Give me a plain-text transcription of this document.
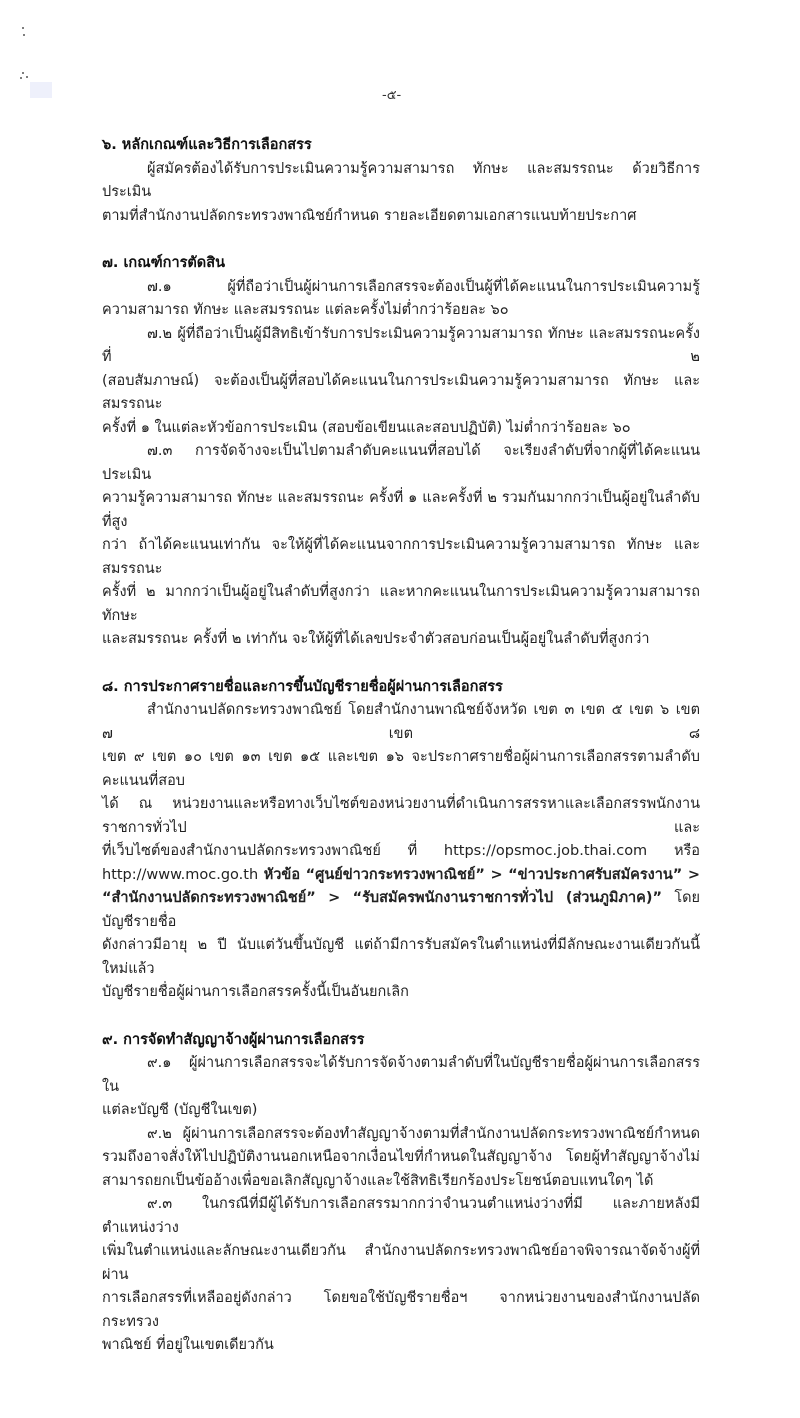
-๕-
๖. หลักเกณฑ์และวิธีการเลือกสรร
ผู้สมัครต้องได้รับการประเมินความรู้ความสามารถ ทักษะ และสมรรถนะ ด้วยวิธีการประเมิน
ตามที่สำนักงานปลัดกระทรวงพาณิชย์กำหนด รายละเอียดตามเอกสารแนบท้ายประกาศ
๗. เกณฑ์การตัดสิน
๗.๑ ผู้ที่ถือว่าเป็นผู้ผ่านการเลือกสรรจะต้องเป็นผู้ที่ได้คะแนนในการประเมินความรู้
ความสามารถ ทักษะ และสมรรถนะ แต่ละครั้งไม่ต่ำกว่าร้อยละ ๖๐
๗.๒ ผู้ที่ถือว่าเป็นผู้มีสิทธิเข้ารับการประเมินความรู้ความสามารถ ทักษะ และสมรรถนะครั้งที่ ๒
(สอบสัมภาษณ์) จะต้องเป็นผู้ที่สอบได้คะแนนในการประเมินความรู้ความสามารถ ทักษะ และสมรรถนะ
ครั้งที่ ๑ ในแต่ละหัวข้อการประเมิน (สอบข้อเขียนและสอบปฏิบัติ) ไม่ต่ำกว่าร้อยละ ๖๐
๗.๓ การจัดจ้างจะเป็นไปตามลำดับคะแนนที่สอบได้ จะเรียงลำดับที่จากผู้ที่ได้คะแนนประเมิน
ความรู้ความสามารถ ทักษะ และสมรรถนะ ครั้งที่ ๑ และครั้งที่ ๒ รวมกันมากกว่าเป็นผู้อยู่ในลำดับที่สูง
กว่า ถ้าได้คะแนนเท่ากัน จะให้ผู้ที่ได้คะแนนจากการประเมินความรู้ความสามารถ ทักษะ และสมรรถนะ
ครั้งที่ ๒ มากกว่าเป็นผู้อยู่ในลำดับที่สูงกว่า และหากคะแนนในการประเมินความรู้ความสามารถ ทักษะ
และสมรรถนะ ครั้งที่ ๒ เท่ากัน จะให้ผู้ที่ได้เลขประจำตัวสอบก่อนเป็นผู้อยู่ในลำดับที่สูงกว่า
๘. การประกาศรายชื่อและการขึ้นบัญชีรายชื่อผู้ผ่านการเลือกสรร
สำนักงานปลัดกระทรวงพาณิชย์ โดยสำนักงานพาณิชย์จังหวัด เขต ๓ เขต ๕ เขต ๖ เขต ๗ เขต ๘
เขต ๙ เขต ๑๐ เขต ๑๓ เขต ๑๕ และเขต ๑๖ จะประกาศรายชื่อผู้ผ่านการเลือกสรรตามลำดับคะแนนที่สอบ
ได้ ณ หน่วยงานและหรือทางเว็บไซต์ของหน่วยงานที่ดำเนินการสรรหาและเลือกสรรพนักงานราชการทั่วไป และ
ที่เว็บไซต์ของสำนักงานปลัดกระทรวงพาณิชย์ ที่ https://opsmoc.job.thai.com หรือ
http://www.moc.go.th หัวข้อ “ศูนย์ข่าวกระทรวงพาณิชย์” > “ข่าวประกาศรับสมัครงาน” >
“สำนักงานปลัดกระทรวงพาณิชย์” > “รับสมัครพนักงานราชการทั่วไป (ส่วนภูมิภาค)” โดยบัญชีรายชื่อ
ดังกล่าวมีอายุ ๒ ปี นับแต่วันขึ้นบัญชี แต่ถ้ามีการรับสมัครในตำแหน่งที่มีลักษณะงานเดียวกันนี้ใหม่แล้ว
บัญชีรายชื่อผู้ผ่านการเลือกสรรครั้งนี้เป็นอันยกเลิก
๙. การจัดทำสัญญาจ้างผู้ผ่านการเลือกสรร
๙.๑ ผู้ผ่านการเลือกสรรจะได้รับการจัดจ้างตามลำดับที่ในบัญชีรายชื่อผู้ผ่านการเลือกสรรใน
แต่ละบัญชี (บัญชีในเขต)
๙.๒ ผู้ผ่านการเลือกสรรจะต้องทำสัญญาจ้างตามที่สำนักงานปลัดกระทรวงพาณิชย์กำหนด
รวมถึงอาจสั่งให้ไปปฏิบัติงานนอกเหนือจากเงื่อนไขที่กำหนดในสัญญาจ้าง โดยผู้ทำสัญญาจ้างไม่
สามารถยกเป็นข้ออ้างเพื่อขอเลิกสัญญาจ้างและใช้สิทธิเรียกร้องประโยชน์ตอบแทนใดๆ ได้
๙.๓ ในกรณีที่มีผู้ได้รับการเลือกสรรมากกว่าจำนวนตำแหน่งว่างที่มี และภายหลังมีตำแหน่งว่าง
เพิ่มในตำแหน่งและลักษณะงานเดียวกัน สำนักงานปลัดกระทรวงพาณิชย์อาจพิจารณาจัดจ้างผู้ที่ผ่าน
การเลือกสรรที่เหลืออยู่ดังกล่าว โดยขอใช้บัญชีรายชื่อฯ จากหน่วยงานของสำนักงานปลัดกระทรวง
พาณิชย์ ที่อยู่ในเขตเดียวกัน
